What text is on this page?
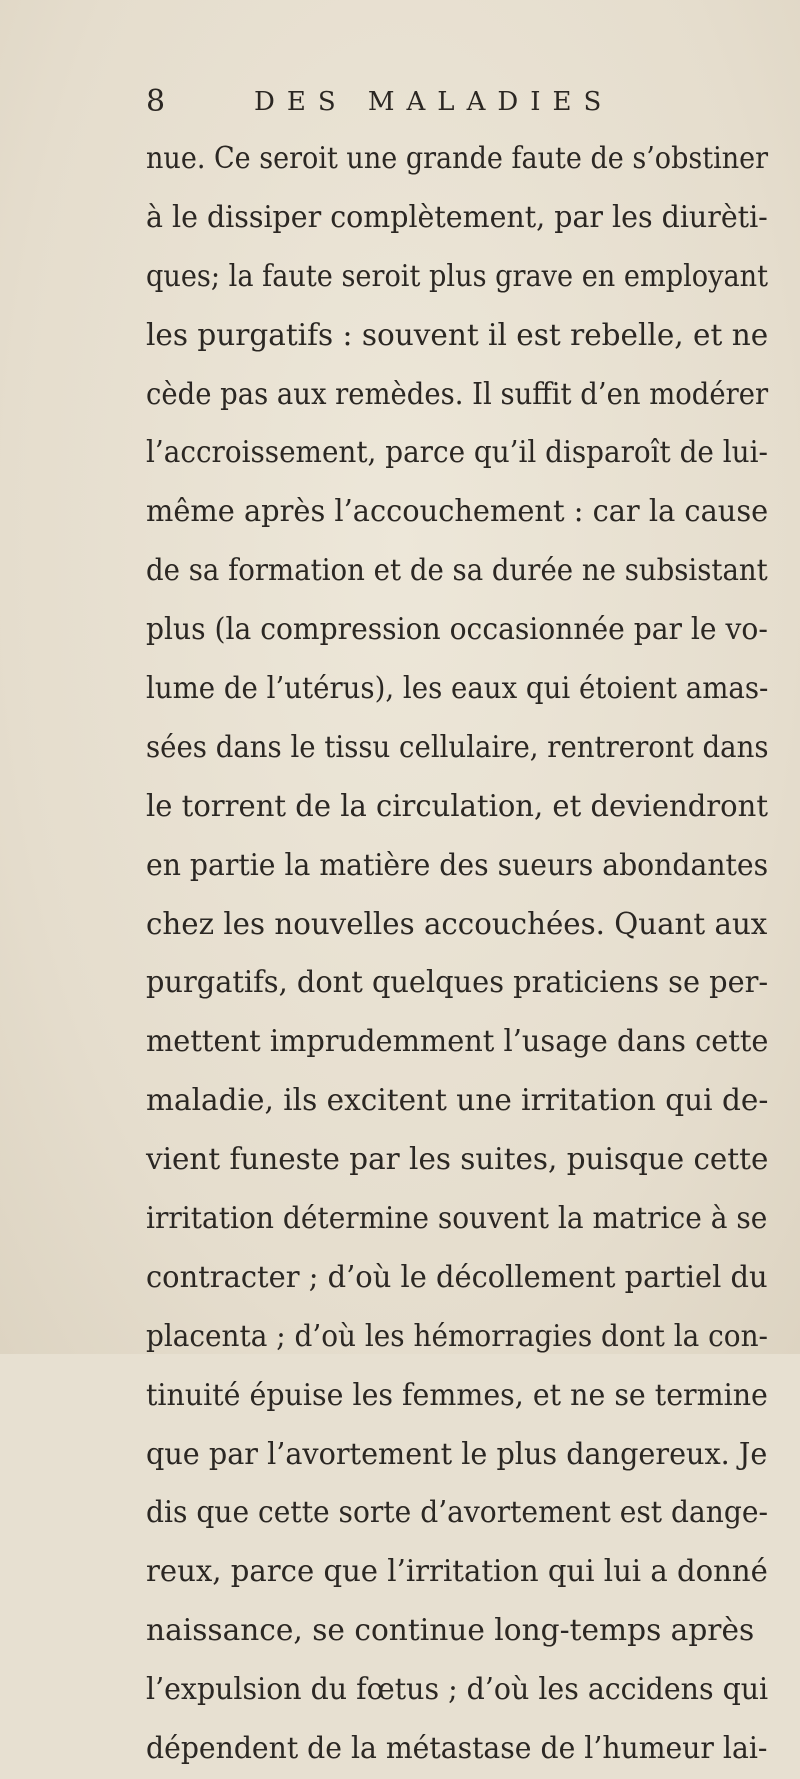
8	DES MALADIES
nue. Ce seroit une grande faute de s’obstiner
à le dissiper complètement, par les diurèti-
ques; la faute seroit plus grave en employant
les purgatifs : souvent il est rebelle, et ne
cède pas aux remèdes. Il suffit d’en modérer
l’accroissement, parce qu’il disparoît de lui-
même après l’accouchement : car la cause
de sa formation et de sa durée ne subsistant
plus (la compression occasionnée par le vo-
lume de l’utérus), les eaux qui étoient amas-
sées dans le tissu cellulaire, rentreront dans
le torrent de la circulation, et deviendront
en partie la matière des sueurs abondantes
chez les nouvelles accouchées. Quant aux
purgatifs, dont quelques praticiens se per-
mettent imprudemment l’usage dans cette
maladie, ils excitent une irritation qui de-
vient funeste par les suites, puisque cette
irritation détermine souvent la matrice à se
contracter ; d’où le décollement partiel du
placenta ; d’où les hémorragies dont la con-
tinuité épuise les femmes, et ne se termine
que par l’avortement le plus dangereux. Je
dis que cette sorte d’avortement est dange-
reux, parce que l’irritation qui lui a donné
naissance, se continue long-temps après
l’expulsion du fœtus ; d’où les accidens qui
dépendent de la métastase de l’humeur lai-
